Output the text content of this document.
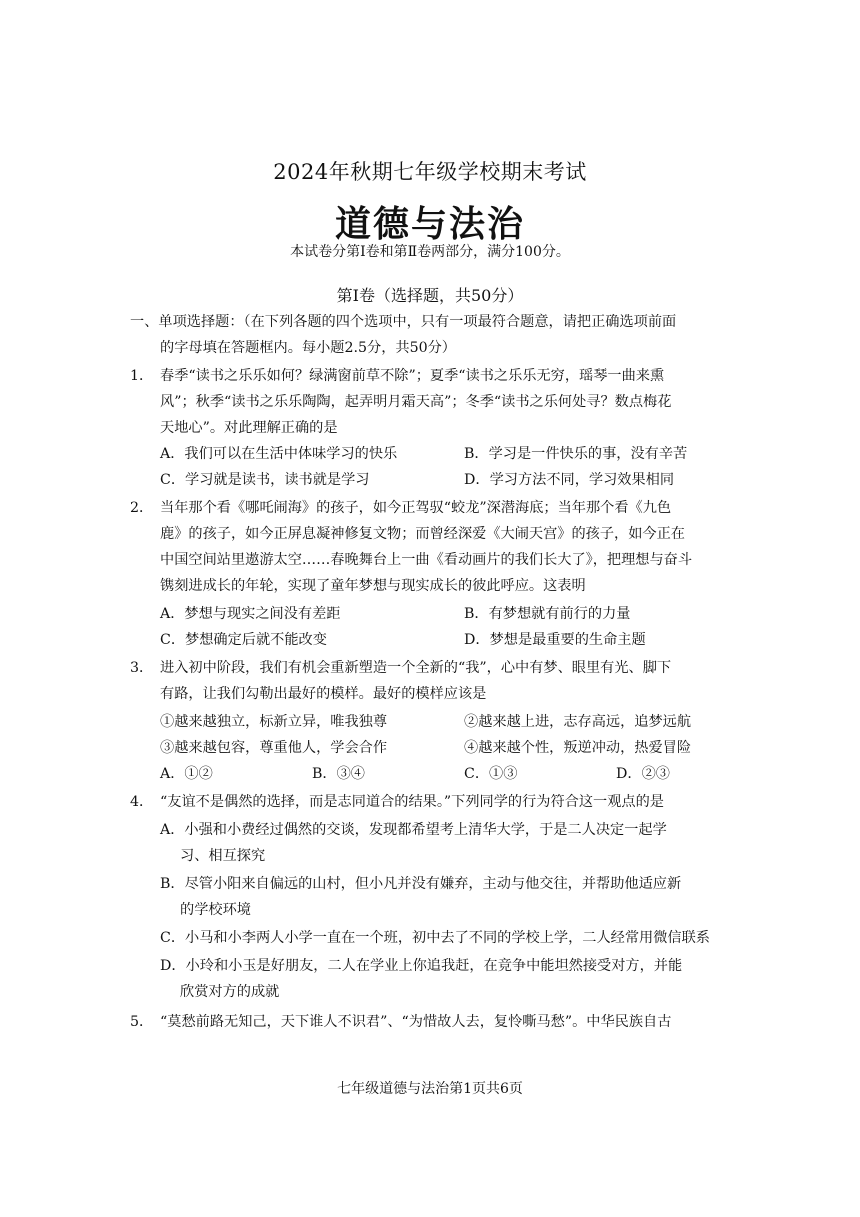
2024年秋期七年级学校期末考试
道德与法治
本试卷分第Ⅰ卷和第Ⅱ卷两部分，满分100分。
第Ⅰ卷（选择题，共50分）
一、单项选择题：（在下列各题的四个选项中，只有一项最符合题意，请把正确选项前面
的字母填在答题框内。每小题2.5分，共50分）
1． 春季“读书之乐乐如何？绿满窗前草不除”；夏季“读书之乐乐无穷，瑶琴一曲来熏
风”；秋季“读书之乐乐陶陶，起弄明月霜天高”；冬季“读书之乐何处寻？数点梅花
天地心”。对此理解正确的是
A．我们可以在生活中体味学习的快乐	B．学习是一件快乐的事，没有辛苦
C．学习就是读书，读书就是学习	D．学习方法不同，学习效果相同
2． 当年那个看《哪吒闹海》的孩子，如今正驾驭“蛟龙”深潜海底；当年那个看《九色
鹿》的孩子，如今正屏息凝神修复文物；而曾经深爱《大闹天宫》的孩子，如今正在
中国空间站里遨游太空……春晚舞台上一曲《看动画片的我们长大了》，把理想与奋斗
镌刻进成长的年轮，实现了童年梦想与现实成长的彼此呼应。这表明
A．梦想与现实之间没有差距	B．有梦想就有前行的力量
C．梦想确定后就不能改变	D．梦想是最重要的生命主题
3． 进入初中阶段，我们有机会重新塑造一个全新的“我”，心中有梦、眼里有光、脚下
有路，让我们勾勒出最好的模样。最好的模样应该是
①越来越独立，标新立异，唯我独尊	②越来越上进，志存高远，追梦远航
③越来越包容，尊重他人，学会合作	④越来越个性，叛逆冲动，热爱冒险
A．①②	B．③④	C．①③	D．②③
4． “友谊不是偶然的选择，而是志同道合的结果。”下列同学的行为符合这一观点的是
A．小强和小费经过偶然的交谈，发现都希望考上清华大学，于是二人决定一起学
习、相互探究
B．尽管小阳来自偏远的山村，但小凡并没有嫌弃，主动与他交往，并帮助他适应新
的学校环境
C．小马和小李两人小学一直在一个班，初中去了不同的学校上学，二人经常用微信联系
D．小玲和小玉是好朋友，二人在学业上你追我赶，在竞争中能坦然接受对方，并能
欣赏对方的成就
5． “莫愁前路无知己，天下谁人不识君”、“为惜故人去，复怜嘶马愁”。中华民族自古
七年级道德与法治第1页共6页
